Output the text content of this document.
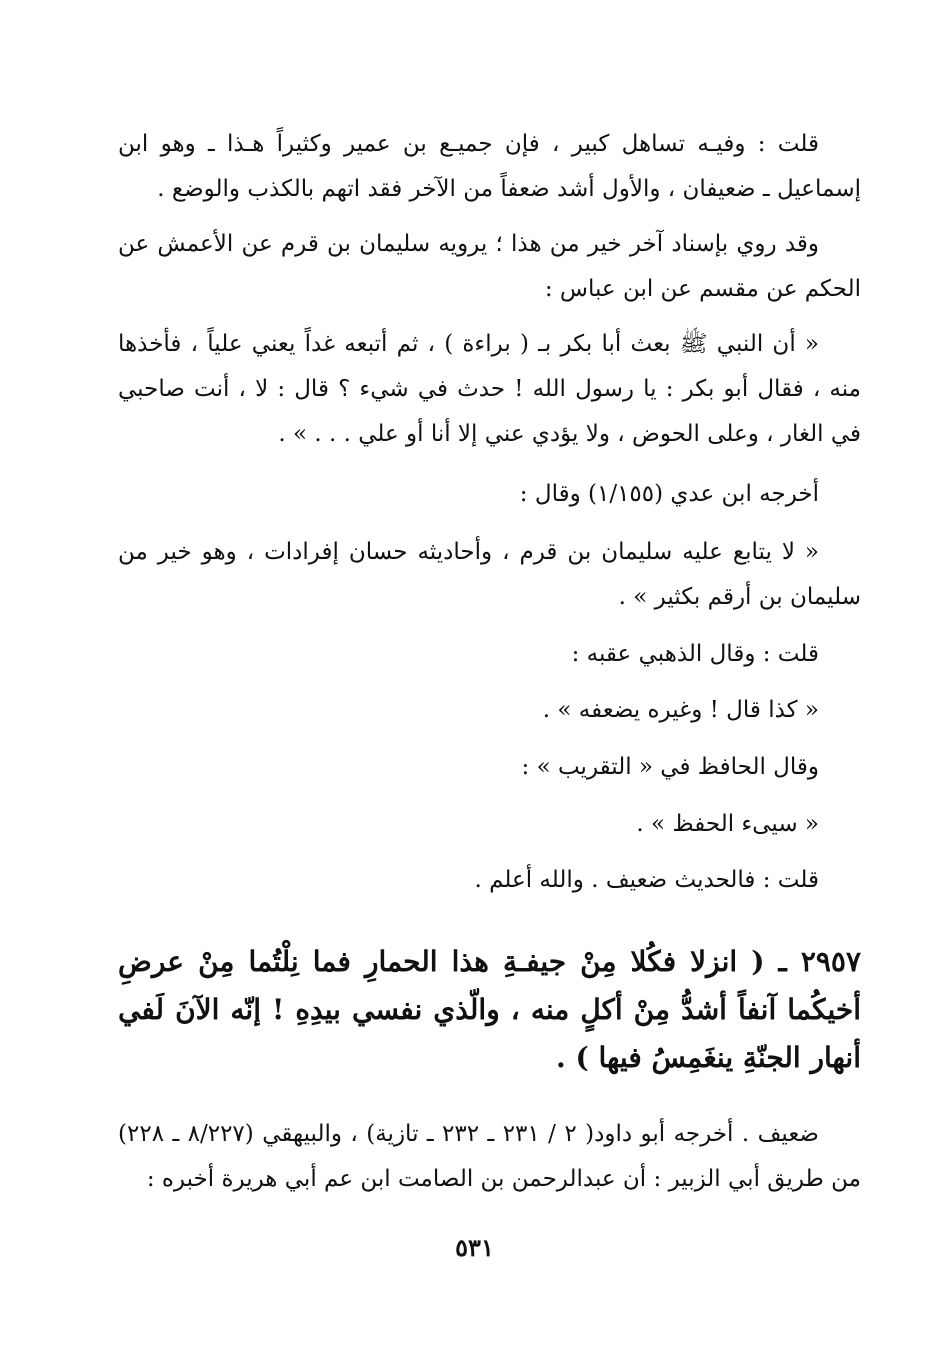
قلت : وفيـه تساهل كبير ، فإن جميـع بن عمير وكثيراً هـذا ـ وهو ابن إسماعيل ـ ضعيفان ، والأول أشد ضعفاً من الآخر فقد اتهم بالكذب والوضع .

وقد روي بإسناد آخر خير من هذا ؛ يرويه سليمان بن قرم عن الأعمش عن الحكم عن مقسم عن ابن عباس :

« أن النبي ﷺ بعث أبا بكر بـ ( براءة ) ، ثم أتبعه غداً يعني علياً ، فأخذها منه ، فقال أبو بكر : يا رسول الله ! حدث في شيء ؟ قال : لا ، أنت صاحبي في الغار ، وعلى الحوض ، ولا يؤدي عني إلا أنا أو علي . . . » .

أخرجه ابن عدي (١/١٥٥) وقال :

« لا يتابع عليه سليمان بن قرم ، وأحاديثه حسان إفرادات ، وهو خير من سليمان بن أرقم بكثير » .

قلت : وقال الذهبي عقبه :

« كذا قال ! وغيره يضعفه » .

وقال الحافظ في « التقريب » :

« سيىء الحفظ » .

قلت : فالحديث ضعيف . والله أعلم .

٢٩٥٧ ـ ( انزلا فكُلا مِنْ جيفـةِ هذا الحمارِ فما نِلْتُما مِنْ عرضِ أخيكُما آنفاً أشدُّ مِنْ أكلٍ منه ، والّذي نفسي بيدِهِ ! إنّه الآنَ لَفي أنهار الجنّةِ ينغَمِسُ فيها ) .

ضعيف . أخرجه أبو داود( ٢ / ٢٣١ ـ ٢٣٢ ـ تازية) ، والبيهقي (٨/٢٢٧ ـ ٢٢٨) من طريق أبي الزبير : أن عبدالرحمن بن الصامت ابن عم أبي هريرة أخبره :

٥٣١
